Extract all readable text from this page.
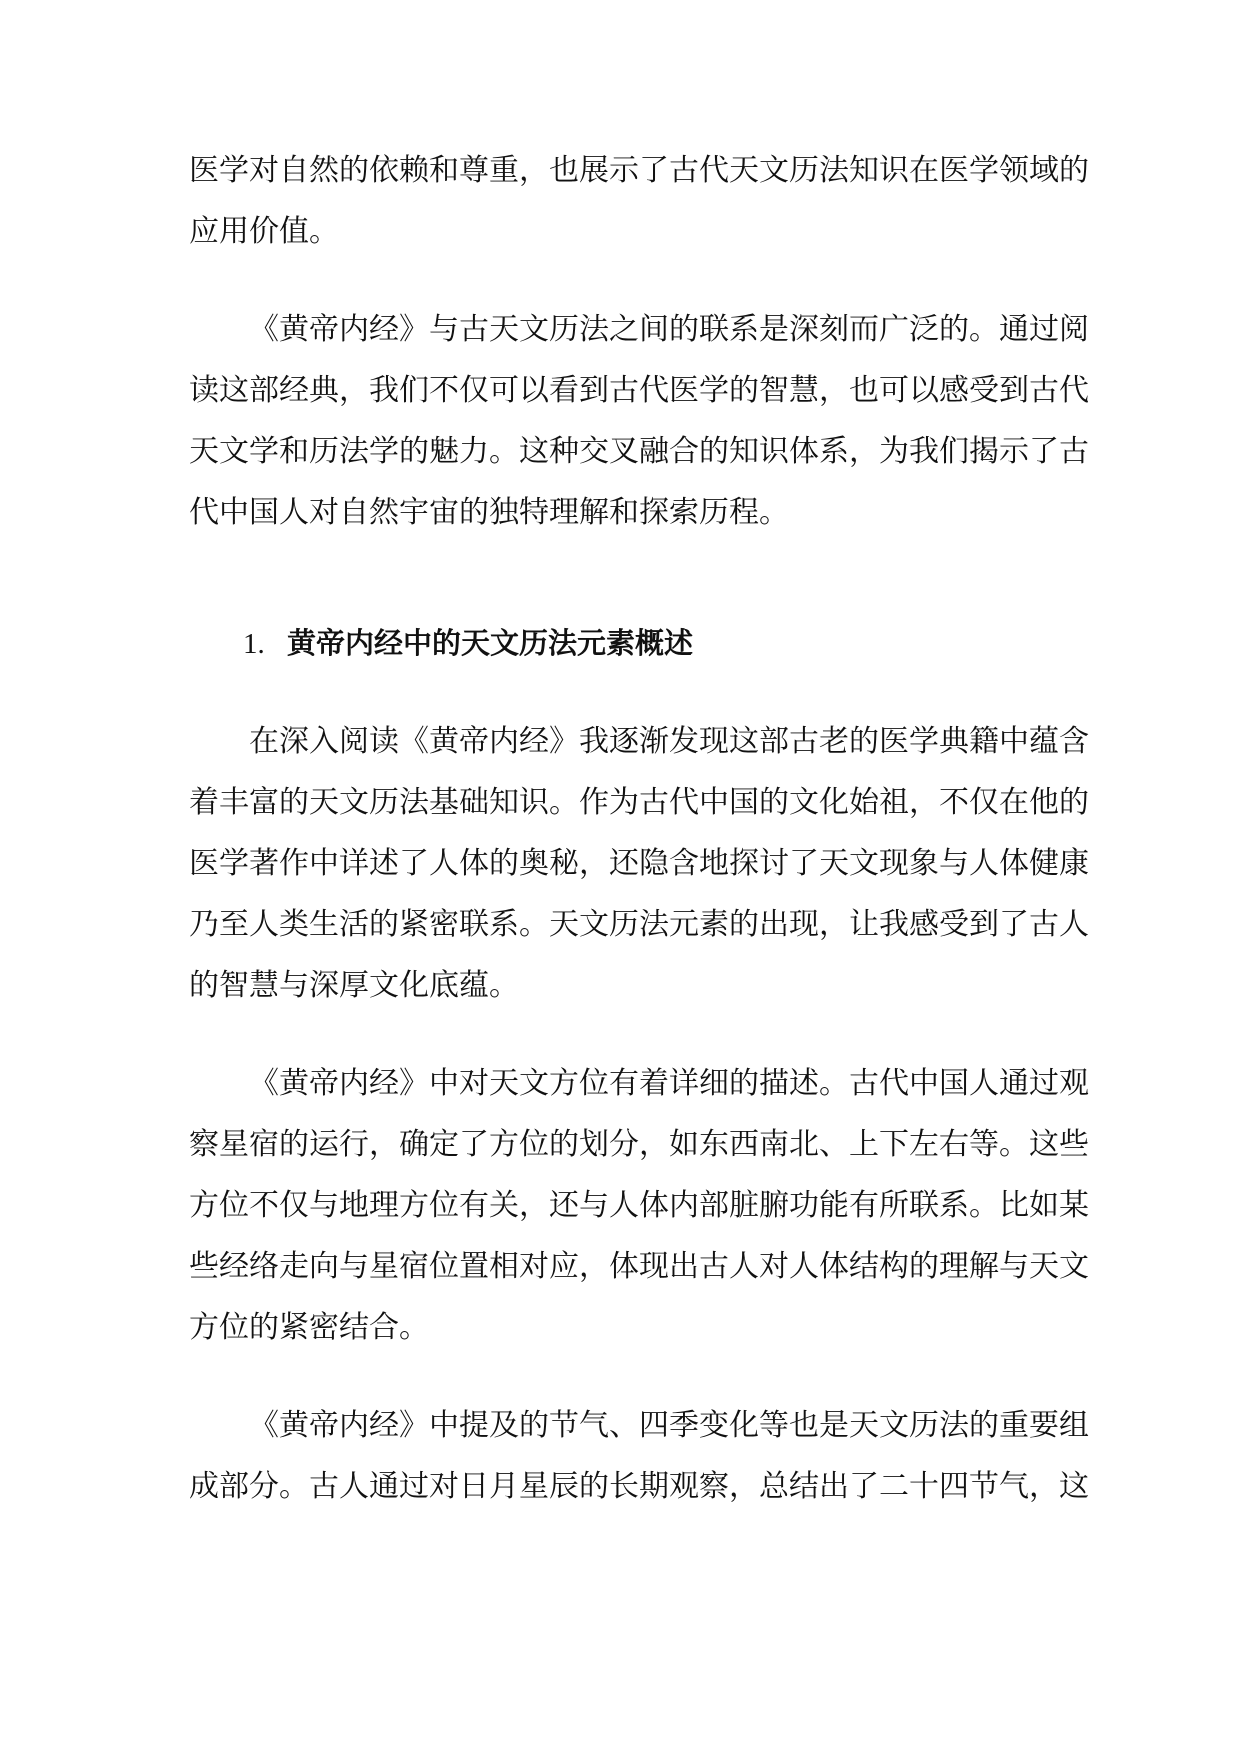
医学对自然的依赖和尊重，也展示了古代天文历法知识在医学领域的
应用价值。
《黄帝内经》与古天文历法之间的联系是深刻而广泛的。通过阅
读这部经典，我们不仅可以看到古代医学的智慧，也可以感受到古代
天文学和历法学的魅力。这种交叉融合的知识体系，为我们揭示了古
代中国人对自然宇宙的独特理解和探索历程。
1. 黄帝内经中的天文历法元素概述
在深入阅读《黄帝内经》我逐渐发现这部古老的医学典籍中蕴含
着丰富的天文历法基础知识。作为古代中国的文化始祖，不仅在他的
医学著作中详述了人体的奥秘，还隐含地探讨了天文现象与人体健康
乃至人类生活的紧密联系。天文历法元素的出现，让我感受到了古人
的智慧与深厚文化底蕴。
《黄帝内经》中对天文方位有着详细的描述。古代中国人通过观
察星宿的运行，确定了方位的划分，如东西南北、上下左右等。这些
方位不仅与地理方位有关，还与人体内部脏腑功能有所联系。比如某
些经络走向与星宿位置相对应，体现出古人对人体结构的理解与天文
方位的紧密结合。
《黄帝内经》中提及的节气、四季变化等也是天文历法的重要组
成部分。古人通过对日月星辰的长期观察，总结出了二十四节气，这
